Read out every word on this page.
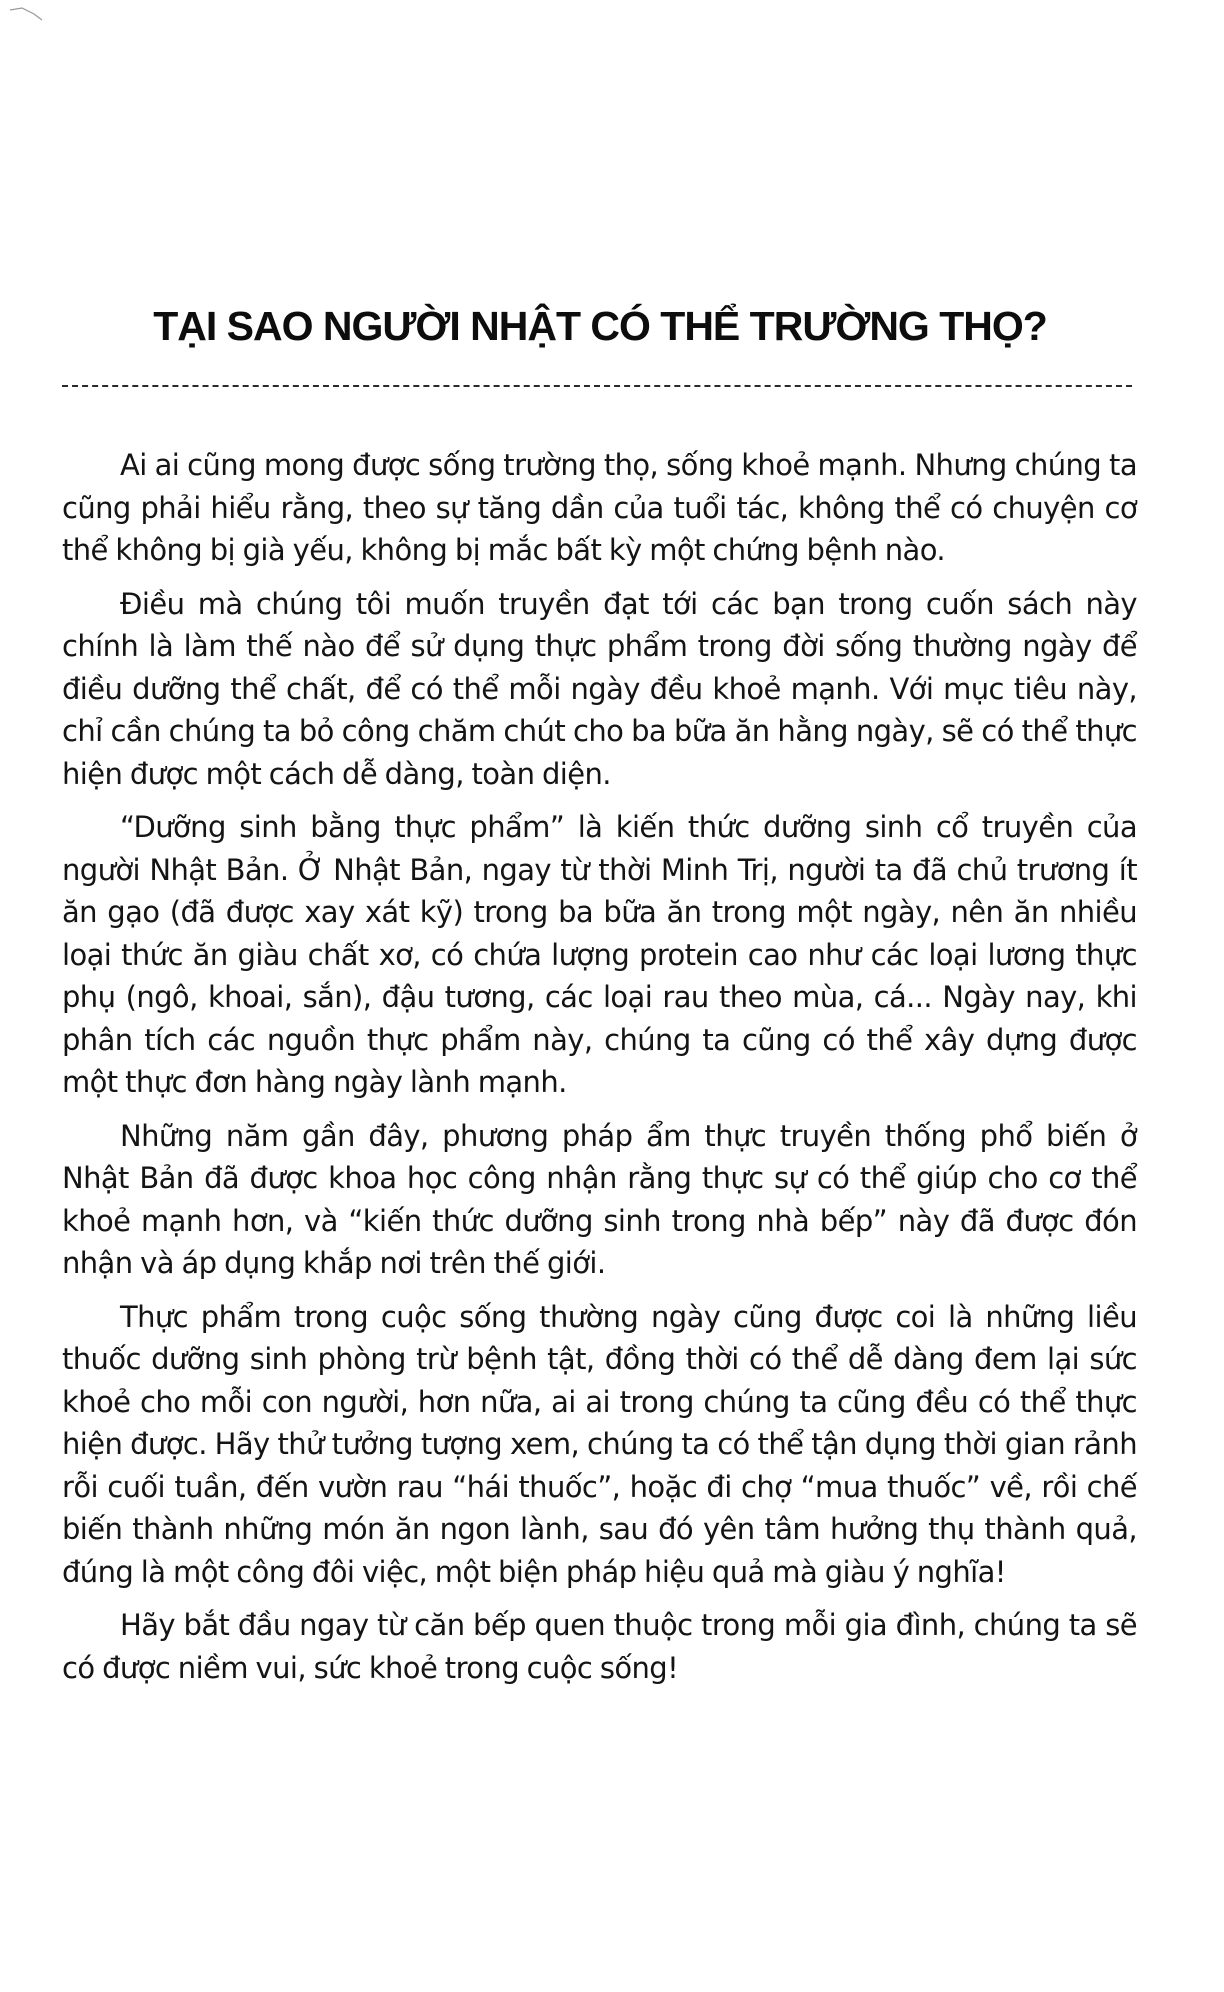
TẠI SAO NGƯỜI NHẬT CÓ THỂ TRƯỜNG THỌ?

Ai ai cũng mong được sống trường thọ, sống khoẻ mạnh. Nhưng chúng ta cũng phải hiểu rằng, theo sự tăng dần của tuổi tác, không thể có chuyện cơ thể không bị già yếu, không bị mắc bất kỳ một chứng bệnh nào.

Điều mà chúng tôi muốn truyền đạt tới các bạn trong cuốn sách này chính là làm thế nào để sử dụng thực phẩm trong đời sống thường ngày để điều dưỡng thể chất, để có thể mỗi ngày đều khoẻ mạnh. Với mục tiêu này, chỉ cần chúng ta bỏ công chăm chút cho ba bữa ăn hằng ngày, sẽ có thể thực hiện được một cách dễ dàng, toàn diện.

“Dưỡng sinh bằng thực phẩm” là kiến thức dưỡng sinh cổ truyền của người Nhật Bản. Ở Nhật Bản, ngay từ thời Minh Trị, người ta đã chủ trương ít ăn gạo (đã được xay xát kỹ) trong ba bữa ăn trong một ngày, nên ăn nhiều loại thức ăn giàu chất xơ, có chứa lượng protein cao như các loại lương thực phụ (ngô, khoai, sắn), đậu tương, các loại rau theo mùa, cá... Ngày nay, khi phân tích các nguồn thực phẩm này, chúng ta cũng có thể xây dựng được một thực đơn hàng ngày lành mạnh.

Những năm gần đây, phương pháp ẩm thực truyền thống phổ biến ở Nhật Bản đã được khoa học công nhận rằng thực sự có thể giúp cho cơ thể khoẻ mạnh hơn, và “kiến thức dưỡng sinh trong nhà bếp” này đã được đón nhận và áp dụng khắp nơi trên thế giới.

Thực phẩm trong cuộc sống thường ngày cũng được coi là những liều thuốc dưỡng sinh phòng trừ bệnh tật, đồng thời có thể dễ dàng đem lại sức khoẻ cho mỗi con người, hơn nữa, ai ai trong chúng ta cũng đều có thể thực hiện được. Hãy thử tưởng tượng xem, chúng ta có thể tận dụng thời gian rảnh rỗi cuối tuần, đến vườn rau “hái thuốc”, hoặc đi chợ “mua thuốc” về, rồi chế biến thành những món ăn ngon lành, sau đó yên tâm hưởng thụ thành quả, đúng là một công đôi việc, một biện pháp hiệu quả mà giàu ý nghĩa!

Hãy bắt đầu ngay từ căn bếp quen thuộc trong mỗi gia đình, chúng ta sẽ có được niềm vui, sức khoẻ trong cuộc sống!
